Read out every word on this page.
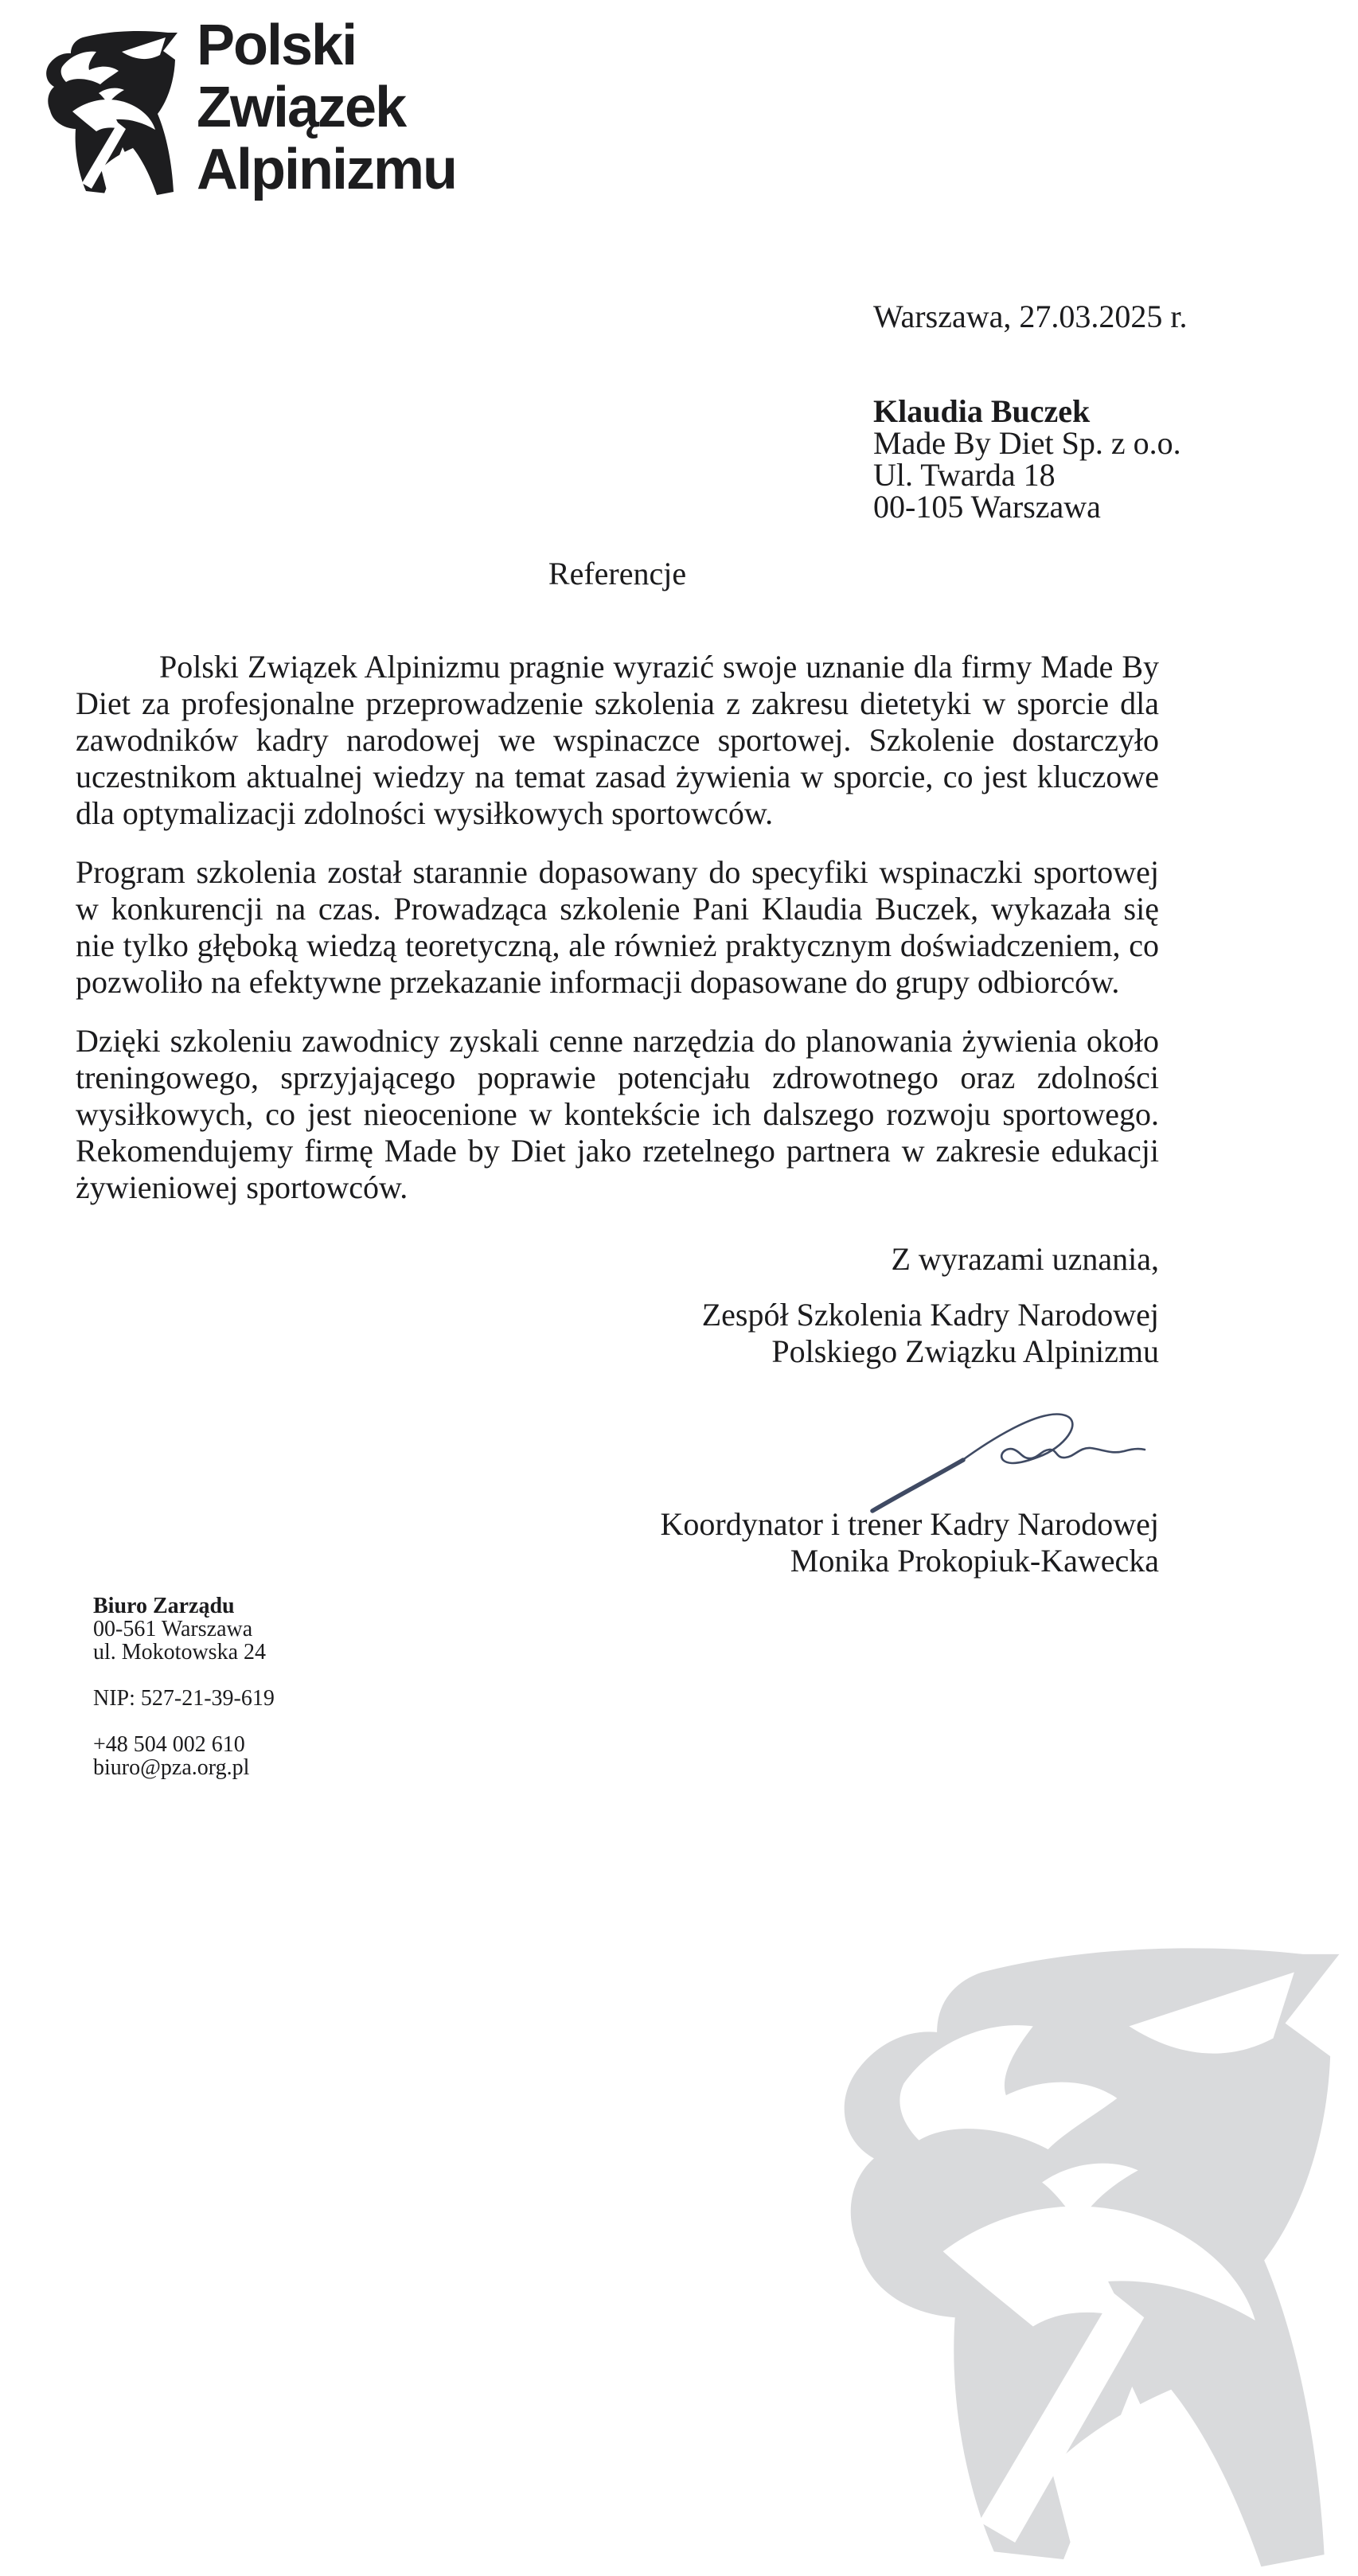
Polski
Związek
Alpinizmu
Warszawa, 27.03.2025 r.
Klaudia Buczek
Made By Diet Sp. z o.o.
Ul. Twarda 18
00-105 Warszawa
Referencje

Polski Związek Alpinizmu pragnie wyrazić swoje uznanie dla firmy Made By Diet za profesjonalne przeprowadzenie szkolenia z zakresu dietetyki w sporcie dla zawodników kadry narodowej we wspinaczce sportowej. Szkolenie dostarczyło uczestnikom aktualnej wiedzy na temat zasad żywienia w sporcie, co jest kluczowe dla optymalizacji zdolności wysiłkowych sportowców.

Program szkolenia został starannie dopasowany do specyfiki wspinaczki sportowej w konkurencji na czas. Prowadząca szkolenie Pani Klaudia Buczek, wykazała się nie tylko głęboką wiedzą teoretyczną, ale również praktycznym doświadczeniem, co pozwoliło na efektywne przekazanie informacji dopasowane do grupy odbiorców.

Dzięki szkoleniu zawodnicy zyskali cenne narzędzia do planowania żywienia około treningowego, sprzyjającego poprawie potencjału zdrowotnego oraz zdolności wysiłkowych, co jest nieocenione w kontekście ich dalszego rozwoju sportowego. Rekomendujemy firmę Made by Diet jako rzetelnego partnera w zakresie edukacji żywieniowej sportowców.

Z wyrazami uznania,
Zespół Szkolenia Kadry Narodowej
Polskiego Związku Alpinizmu
Koordynator i trener Kadry Narodowej
Monika Prokopiuk-Kawecka
Biuro Zarządu
00-561 Warszawa
ul. Mokotowska 24
NIP: 527-21-39-619
+48 504 002 610
biuro@pza.org.pl
